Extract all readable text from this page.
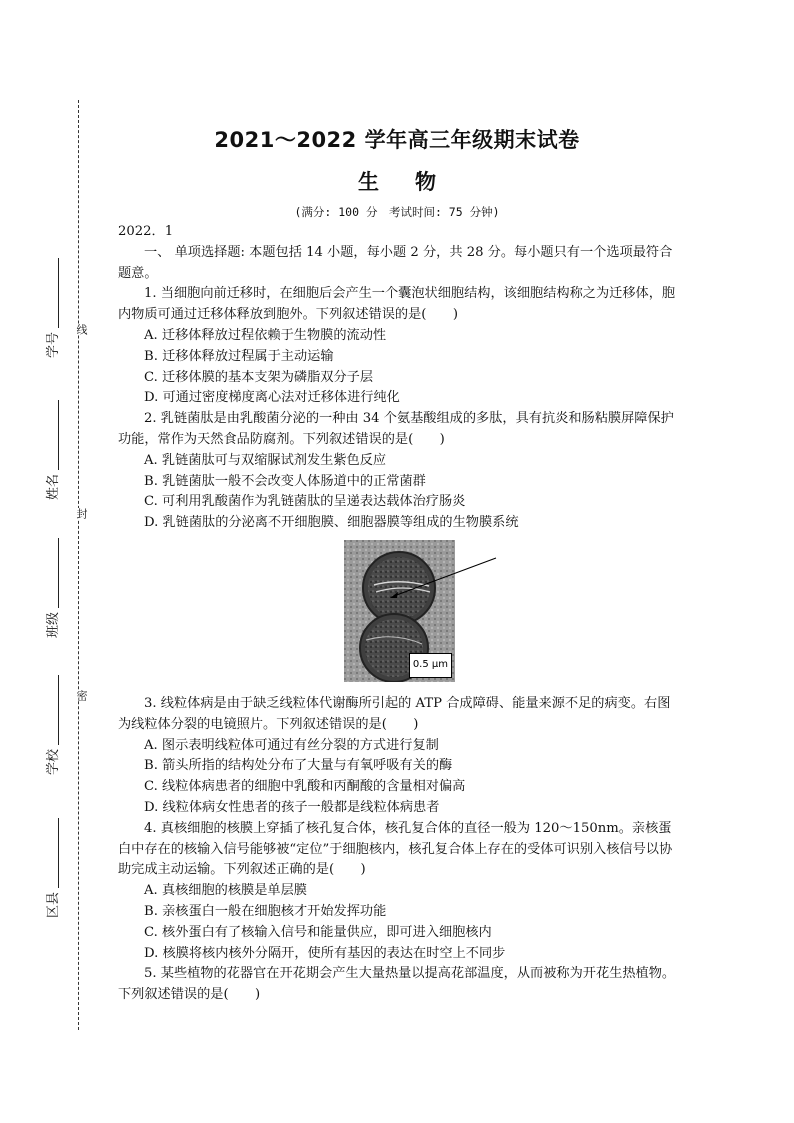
线
封
密
学号
姓名
班级
学校
区县
2021～2022 学年高三年级期末试卷
生物
(满分: 100 分　考试时间: 75 分钟)

2022．1

一、 单项选择题: 本题包括 14 小题，每小题 2 分，共 28 分。每小题只有一个选项最符合题意。

1. 当细胞向前迁移时，在细胞后会产生一个囊泡状细胞结构，该细胞结构称之为迁移体，胞内物质可通过迁移体释放到胞外。下列叙述错误的是(　　)

A. 迁移体释放过程依赖于生物膜的流动性

B. 迁移体释放过程属于主动运输

C. 迁移体膜的基本支架为磷脂双分子层

D. 可通过密度梯度离心法对迁移体进行纯化

2. 乳链菌肽是由乳酸菌分泌的一种由 34 个氨基酸组成的多肽，具有抗炎和肠粘膜屏障保护功能，常作为天然食品防腐剂。下列叙述错误的是(　　)

A. 乳链菌肽可与双缩脲试剂发生紫色反应

B. 乳链菌肽一般不会改变人体肠道中的正常菌群

C. 可利用乳酸菌作为乳链菌肽的呈递表达载体治疗肠炎

D. 乳链菌肽的分泌离不开细胞膜、细胞器膜等组成的生物膜系统

0.5 μm

3. 线粒体病是由于缺乏线粒体代谢酶所引起的 ATP 合成障碍、能量来源不足的病变。右图为线粒体分裂的电镜照片。下列叙述错误的是(　　)

A. 图示表明线粒体可通过有丝分裂的方式进行复制

B. 箭头所指的结构处分布了大量与有氧呼吸有关的酶

C. 线粒体病患者的细胞中乳酸和丙酮酸的含量相对偏高

D. 线粒体病女性患者的孩子一般都是线粒体病患者

4. 真核细胞的核膜上穿插了核孔复合体，核孔复合体的直径一般为 120～150nm。亲核蛋白中存在的核输入信号能够被“定位”于细胞核内，核孔复合体上存在的受体可识别入核信号以协助完成主动运输。下列叙述正确的是(　　)

A. 真核细胞的核膜是单层膜

B. 亲核蛋白一般在细胞核才开始发挥功能

C. 核外蛋白有了核输入信号和能量供应，即可进入细胞核内

D. 核膜将核内核外分隔开，使所有基因的表达在时空上不同步

5. 某些植物的花器官在开花期会产生大量热量以提高花部温度，从而被称为开花生热植物。下列叙述错误的是(　　)
